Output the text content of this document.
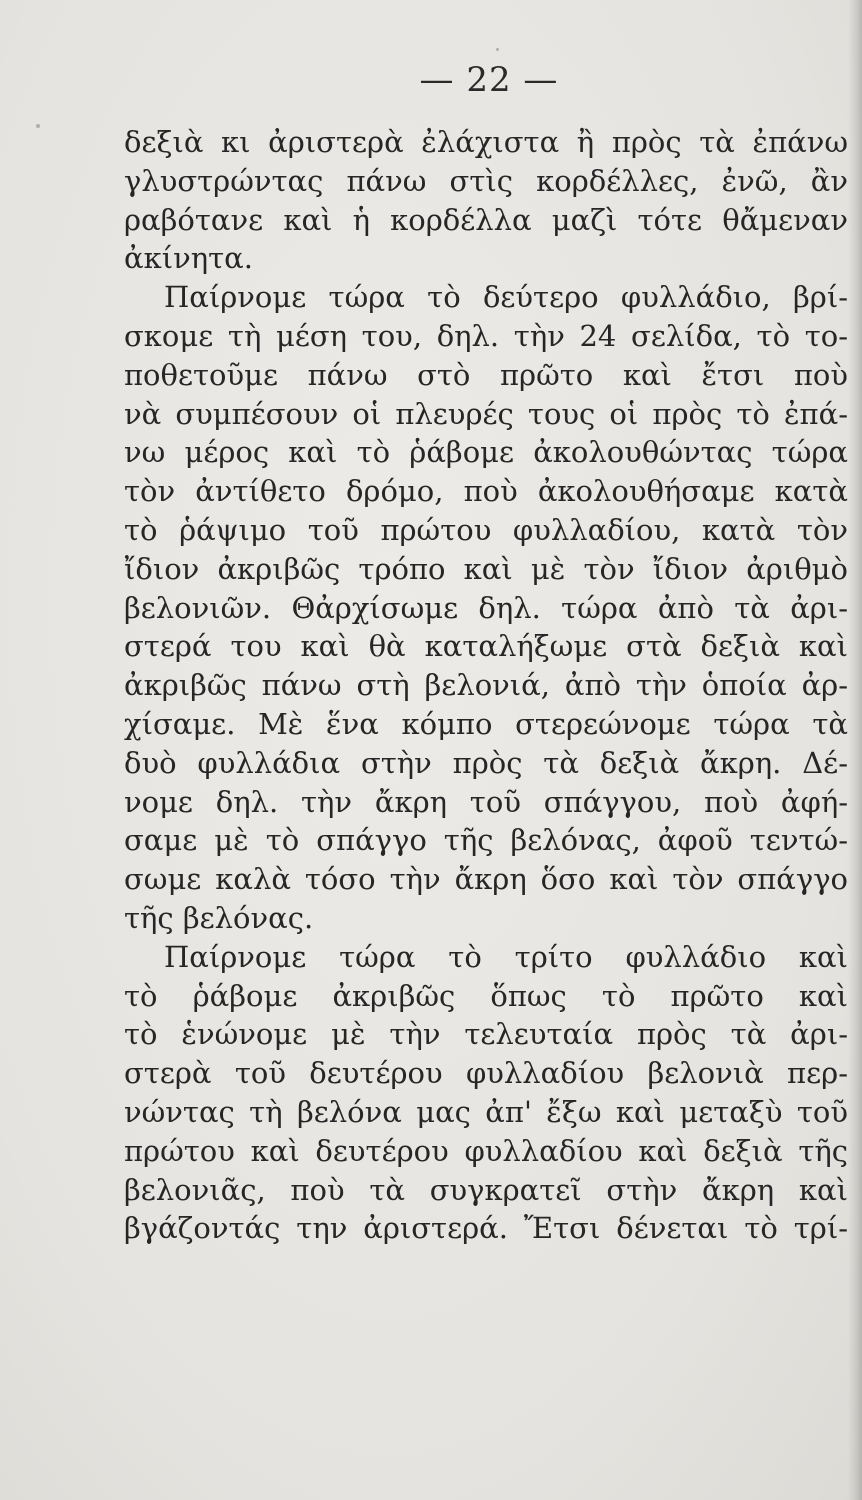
— 22 —

δεξιὰ κι ἀριστερὰ ἐλάχιστα ἢ πρὸς τὰ ἐπάνω

γλυστρώντας πάνω στὶς κορδέλλες, ἐνῶ, ἂν

ραβότανε καὶ ἡ κορδέλλα μαζὶ τότε θἄμεναν

ἀκίνητα.

Παίρνομε τώρα τὸ δεύτερο φυλλάδιο, βρί-

σκομε τὴ μέση του, δηλ. τὴν 24 σελίδα, τὸ το-

ποθετοῦμε πάνω στὸ πρῶτο καὶ ἔτσι ποὺ

νὰ συμπέσουν οἱ πλευρές τους οἱ πρὸς τὸ ἐπά-

νω μέρος καὶ τὸ ῥάβομε ἀκολουθώντας τώρα

τὸν ἀντίθετο δρόμο, ποὺ ἀκολουθήσαμε κατὰ

τὸ ῥάψιμο τοῦ πρώτου φυλλαδίου, κατὰ τὸν

ἴδιον ἀκριβῶς τρόπο καὶ μὲ τὸν ἴδιον ἀριθμὸ

βελονιῶν. Θἀρχίσωμε δηλ. τώρα ἀπὸ τὰ ἀρι-

στερά του καὶ θὰ καταλήξωμε στὰ δεξιὰ καὶ

ἀκριβῶς πάνω στὴ βελονιά, ἀπὸ τὴν ὁποία ἀρ-

χίσαμε. Μὲ ἕνα κόμπο στερεώνομε τώρα τὰ

δυὸ φυλλάδια στὴν πρὸς τὰ δεξιὰ ἄκρη. Δέ-

νομε δηλ. τὴν ἄκρη τοῦ σπάγγου, ποὺ ἀφή-

σαμε μὲ τὸ σπάγγο τῆς βελόνας, ἀφοῦ τεντώ-

σωμε καλὰ τόσο τὴν ἄκρη ὅσο καὶ τὸν σπάγγο

τῆς βελόνας.

Παίρνομε τώρα τὸ τρίτο φυλλάδιο καὶ

τὸ ῥάβομε ἀκριβῶς ὅπως τὸ πρῶτο καὶ

τὸ ἑνώνομε μὲ τὴν τελευταία πρὸς τὰ ἀρι-

στερὰ τοῦ δευτέρου φυλλαδίου βελονιὰ περ-

νώντας τὴ βελόνα μας ἀπ' ἔξω καὶ μεταξὺ τοῦ

πρώτου καὶ δευτέρου φυλλαδίου καὶ δεξιὰ τῆς

βελονιᾶς, ποὺ τὰ συγκρατεῖ στὴν ἄκρη καὶ

βγάζοντάς την ἀριστερά. Ἔτσι δένεται τὸ τρί-
